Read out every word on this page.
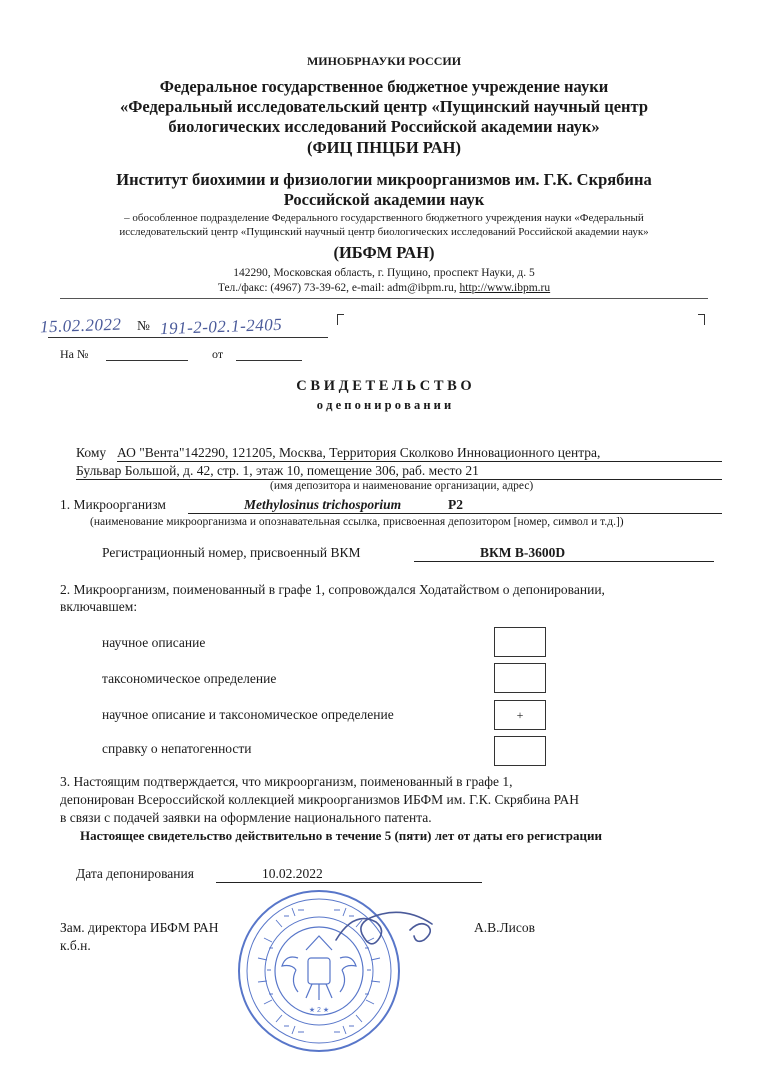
МИНОБРНАУКИ РОССИИ
Федеральное государственное бюджетное учреждение науки
«Федеральный исследовательский центр «Пущинский научный центр
биологических исследований Российской академии наук»
(ФИЦ ПНЦБИ РАН)
Институт биохимии и физиологии микроорганизмов им. Г.К. Скрябина
Российской академии наук
– обособленное подразделение Федерального государственного бюджетного учреждения науки «Федеральный
исследовательский центр «Пущинский научный центр биологических исследований Российской академии наук»
(ИБФМ РАН)
142290, Московская область, г. Пущино, проспект Науки, д. 5
Тел./факс: (4967) 73-39-62, e-mail: adm@ibpm.ru, http://www.ibpm.ru
15.02.2022 № 191-2-02.1-2405
На №	от
С В И Д Е Т Е Л Ь С Т В О
о д е п о н и р о в а н и и
Кому АО "Вента"142290, 121205, Москва, Территория Сколково Инновационного центра,
Бульвар Большой, д. 42, стр. 1, этаж 10, помещение 306, раб. место 21
(имя депозитора и наименование организации, адрес)
1. Микроорганизм	Methylosinus trichosporium	P2
(наименование микроорганизма и опознавательная ссылка, присвоенная депозитором [номер, символ и т.д.])
Регистрационный номер, присвоенный ВКМ	ВКМ В-3600D
2. Микроорганизм, поименованный в графе 1, сопровождался Ходатайством о депонировании,
включавшем:
научное описание
таксономическое определение
научное описание и таксономическое определение	+
справку о непатогенности
3. Настоящим подтверждается, что микроорганизм, поименованный в графе 1,
депонирован Всероссийской коллекцией микроорганизмов ИБФМ им. Г.К. Скрябина РАН
в связи с подачей заявки на оформление национального патента.
Настоящее свидетельство действительно в течение 5 (пяти) лет от даты его регистрации
Дата депонирования	10.02.2022
Зам. директора ИБФМ РАН
к.б.н.
А.В.Лисов
★ 2 ★
